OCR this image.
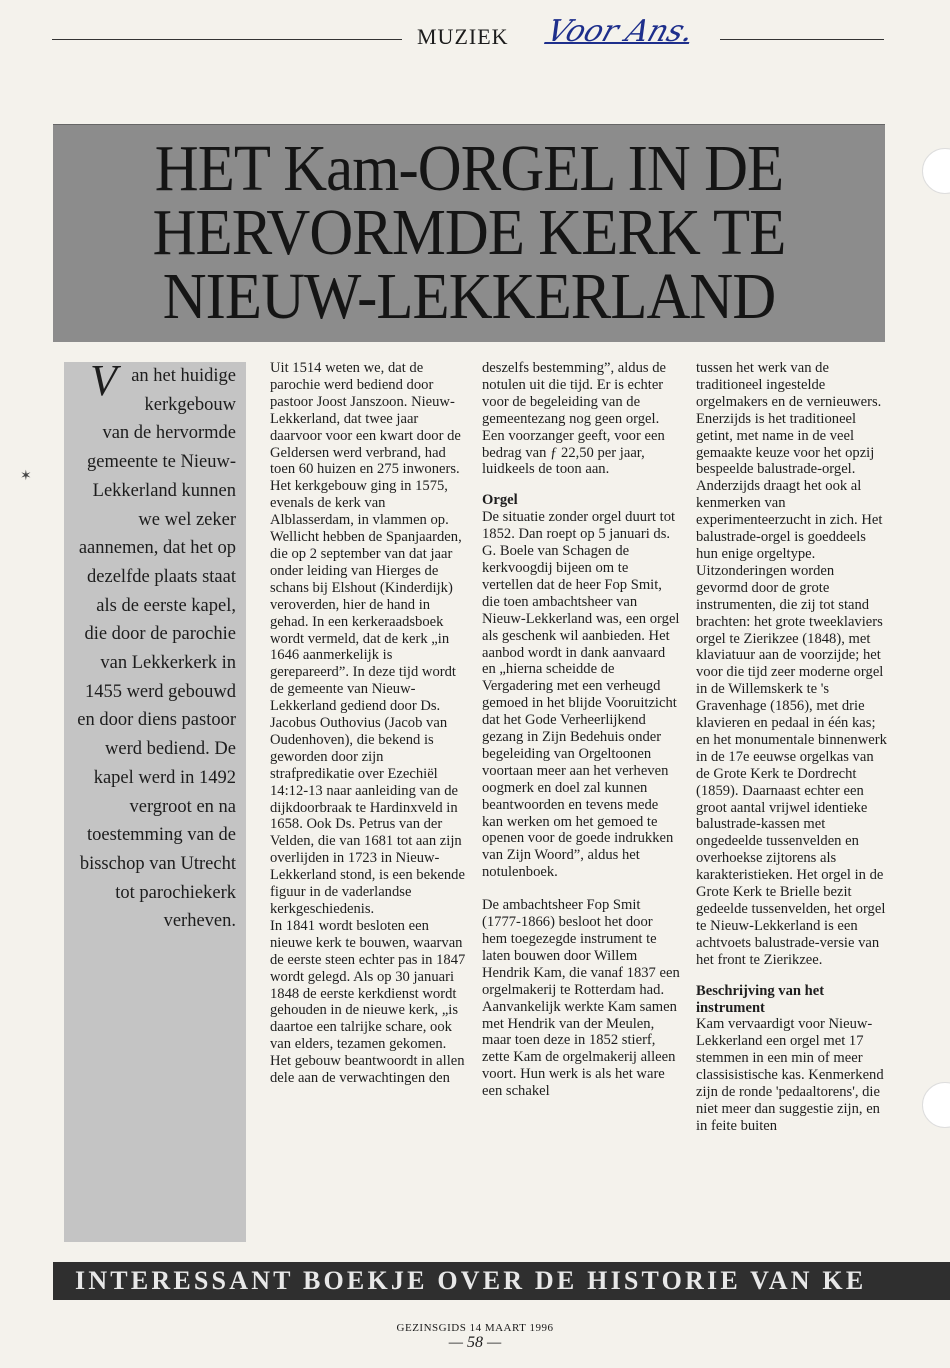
MUZIEK Voor Ans.
HET Kam-ORGEL IN DE
HERVORMDE KERK TE
NIEUW-LEKKERLAND

Van het huidige kerkgebouw van de hervormde gemeente te Nieuw-Lekkerland kunnen we wel zeker aannemen, dat het op dezelfde plaats staat als de eerste kapel, die door de parochie van Lekkerkerk in 1455 werd gebouwd en door diens pastoor werd bediend. De kapel werd in 1492 vergroot en na toestemming van de bisschop van Utrecht tot parochiekerk verheven.

Uit 1514 weten we, dat de parochie werd bediend door pastoor Joost Janszoon. Nieuw-Lekkerland, dat twee jaar daarvoor voor een kwart door de Geldersen werd verbrand, had toen 60 huizen en 275 inwoners.

Het kerkgebouw ging in 1575, evenals de kerk van Alblasserdam, in vlammen op. Wellicht hebben de Spanjaarden, die op 2 september van dat jaar onder leiding van Hierges de schans bij Elshout (Kinderdijk) veroverden, hier de hand in gehad. In een kerkeraadsboek wordt vermeld, dat de kerk „in 1646 aanmerkelijk is gerepareerd”. In deze tijd wordt de gemeente van Nieuw-Lekkerland gediend door Ds. Jacobus Outhovius (Jacob van Oudenhoven), die bekend is geworden door zijn strafpredikatie over Ezechiël 14:12-13 naar aanleiding van de dijkdoorbraak te Hardinxveld in 1658. Ook Ds. Petrus van der Velden, die van 1681 tot aan zijn overlijden in 1723 in Nieuw-Lekkerland stond, is een bekende figuur in de vaderlandse kerkgeschiedenis.

In 1841 wordt besloten een nieuwe kerk te bouwen, waarvan de eerste steen echter pas in 1847 wordt gelegd. Als op 30 januari 1848 de eerste kerkdienst wordt gehouden in de nieuwe kerk, „is daartoe een talrijke schare, ook van elders, tezamen gekomen. Het gebouw beantwoordt in allen dele aan de verwachtingen den

deszelfs bestemming”, aldus de notulen uit die tijd. Er is echter voor de begeleiding van de gemeentezang nog geen orgel. Een voorzanger geeft, voor een bedrag van ƒ 22,50 per jaar, luidkeels de toon aan.

Orgel

De situatie zonder orgel duurt tot 1852. Dan roept op 5 januari ds. G. Boele van Schagen de kerkvoogdij bijeen om te vertellen dat de heer Fop Smit, die toen ambachtsheer van Nieuw-Lekkerland was, een orgel als geschenk wil aanbieden. Het aanbod wordt in dank aanvaard en „hierna scheidde de Vergadering met een verheugd gemoed in het blijde Vooruitzicht dat het Gode Verheerlijkend gezang in Zijn Bedehuis onder begeleiding van Orgeltoonen voortaan meer aan het verheven oogmerk en doel zal kunnen beantwoorden en tevens mede kan werken om het gemoed te openen voor de goede indrukken van Zijn Woord”, aldus het notulenboek.

De ambachtsheer Fop Smit (1777-1866) besloot het door hem toegezegde instrument te laten bouwen door Willem Hendrik Kam, die vanaf 1837 een orgelmakerij te Rotterdam had. Aanvankelijk werkte Kam samen met Hendrik van der Meulen, maar toen deze in 1852 stierf, zette Kam de orgelmakerij alleen voort. Hun werk is als het ware een schakel

tussen het werk van de traditioneel ingestelde orgelmakers en de vernieuwers. Enerzijds is het traditioneel getint, met name in de veel gemaakte keuze voor het opzij bespeelde balustrade-orgel. Anderzijds draagt het ook al kenmerken van experimenteerzucht in zich. Het balustrade-orgel is goeddeels hun enige orgeltype. Uitzonderingen worden gevormd door de grote instrumenten, die zij tot stand brachten: het grote tweeklaviers orgel te Zierikzee (1848), met klaviatuur aan de voorzijde; het voor die tijd zeer moderne orgel in de Willemskerk te 's Gravenhage (1856), met drie klavieren en pedaal in één kas; en het monumentale binnenwerk in de 17e eeuwse orgelkas van de Grote Kerk te Dordrecht (1859). Daarnaast echter een groot aantal vrijwel identieke balustrade-kassen met ongedeelde tussenvelden en overhoekse zijtorens als karakteristieken. Het orgel in de Grote Kerk te Brielle bezit gedeelde tussenvelden, het orgel te Nieuw-Lekkerland is een achtvoets balustrade-versie van het front te Zierikzee.

Beschrijving van het instrument

Kam vervaardigt voor Nieuw-Lekkerland een orgel met 17 stemmen in een min of meer classisistische kas. Kenmerkend zijn de ronde 'pedaaltorens', die niet meer dan suggestie zijn, en in feite buiten

INTERESSANT BOEKJE OVER DE HISTORIE VAN KE
GEZINSGIDS 14 MAART 1996
— 58 —
✶
